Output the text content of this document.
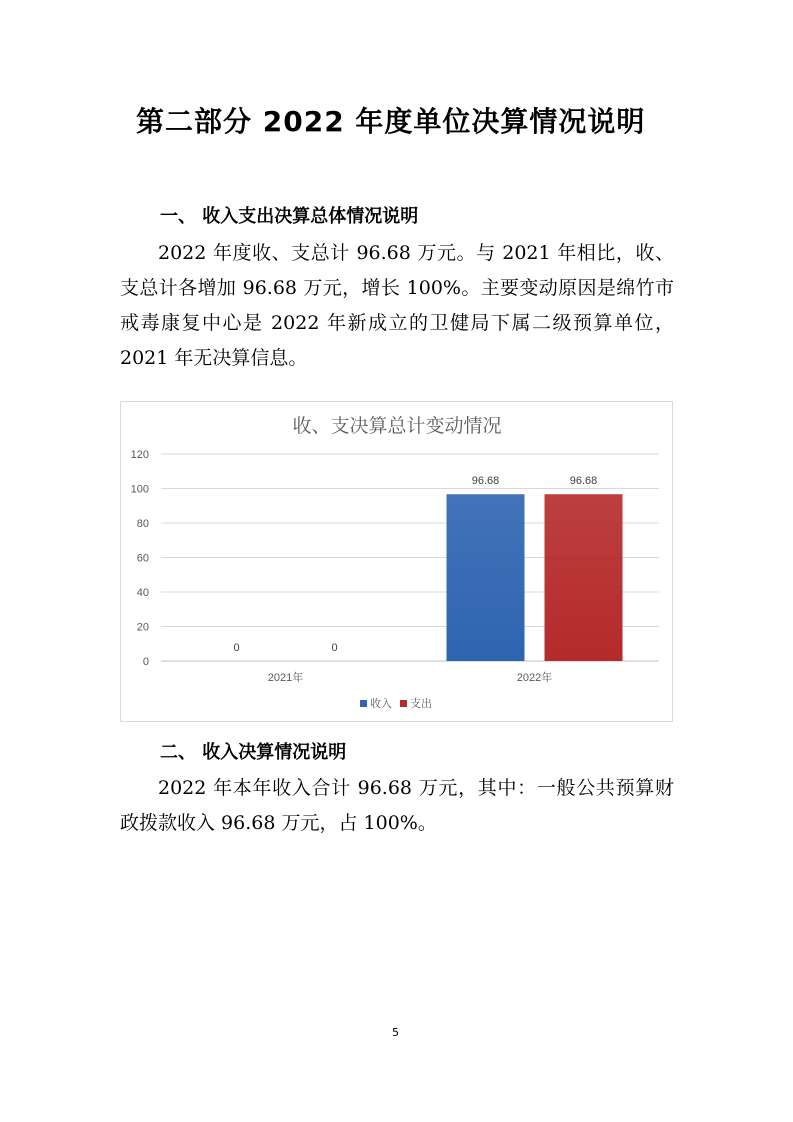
第二部分 2022 年度单位决算情况说明
一、 收入支出决算总体情况说明

2022 年度收、支总计 96.68 万元。与 2021 年相比，收、支总计各增加 96.68 万元，增长 100%。主要变动原因是绵竹市戒毒康复中心是 2022 年新成立的卫健局下属二级预算单位，2021 年无决算信息。

收、支决算总计变动情况
0
20
40
60
80
100
120
0	0
2021年
96.68	96.68
2022年
收入 支出
二、 收入决算情况说明

2022 年本年收入合计 96.68 万元，其中：一般公共预算财政拨款收入 96.68 万元，占 100%。

5
